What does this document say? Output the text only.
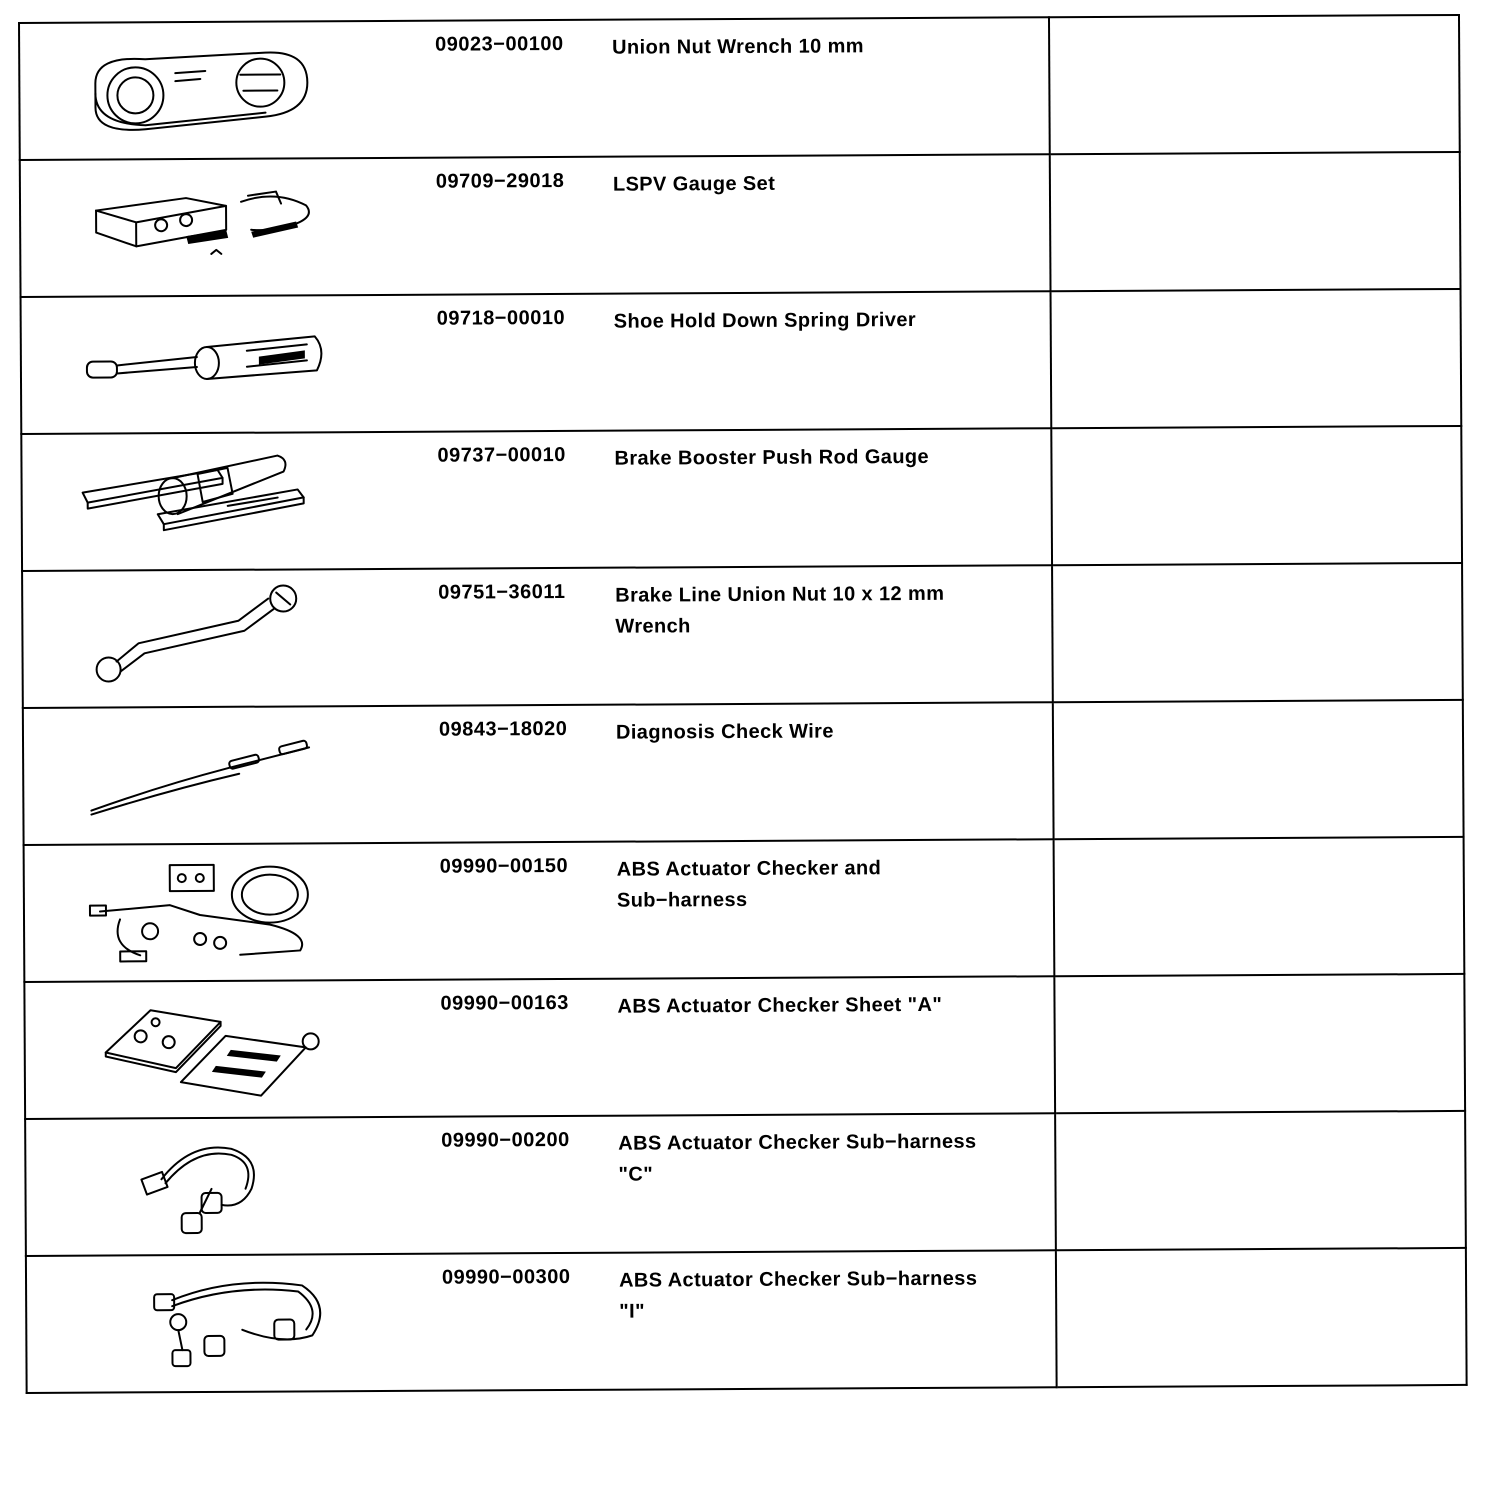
09023−00100 Union Nut Wrench 10 mm	

09709−29018 LSPV Gauge Set	

09718−00010 Shoe Hold Down Spring Driver	

09737−00010 Brake Booster Push Rod Gauge	

09751−36011 Brake Line Union Nut 10 x 12 mm
Wrench	

09843−18020 Diagnosis Check Wire	

09990−00150 ABS Actuator Checker and
Sub−harness	

09990−00163 ABS Actuator Checker Sheet "A"	

09990−00200 ABS Actuator Checker Sub−harness
"C"	

09990−00300 ABS Actuator Checker Sub−harness
"I"	
